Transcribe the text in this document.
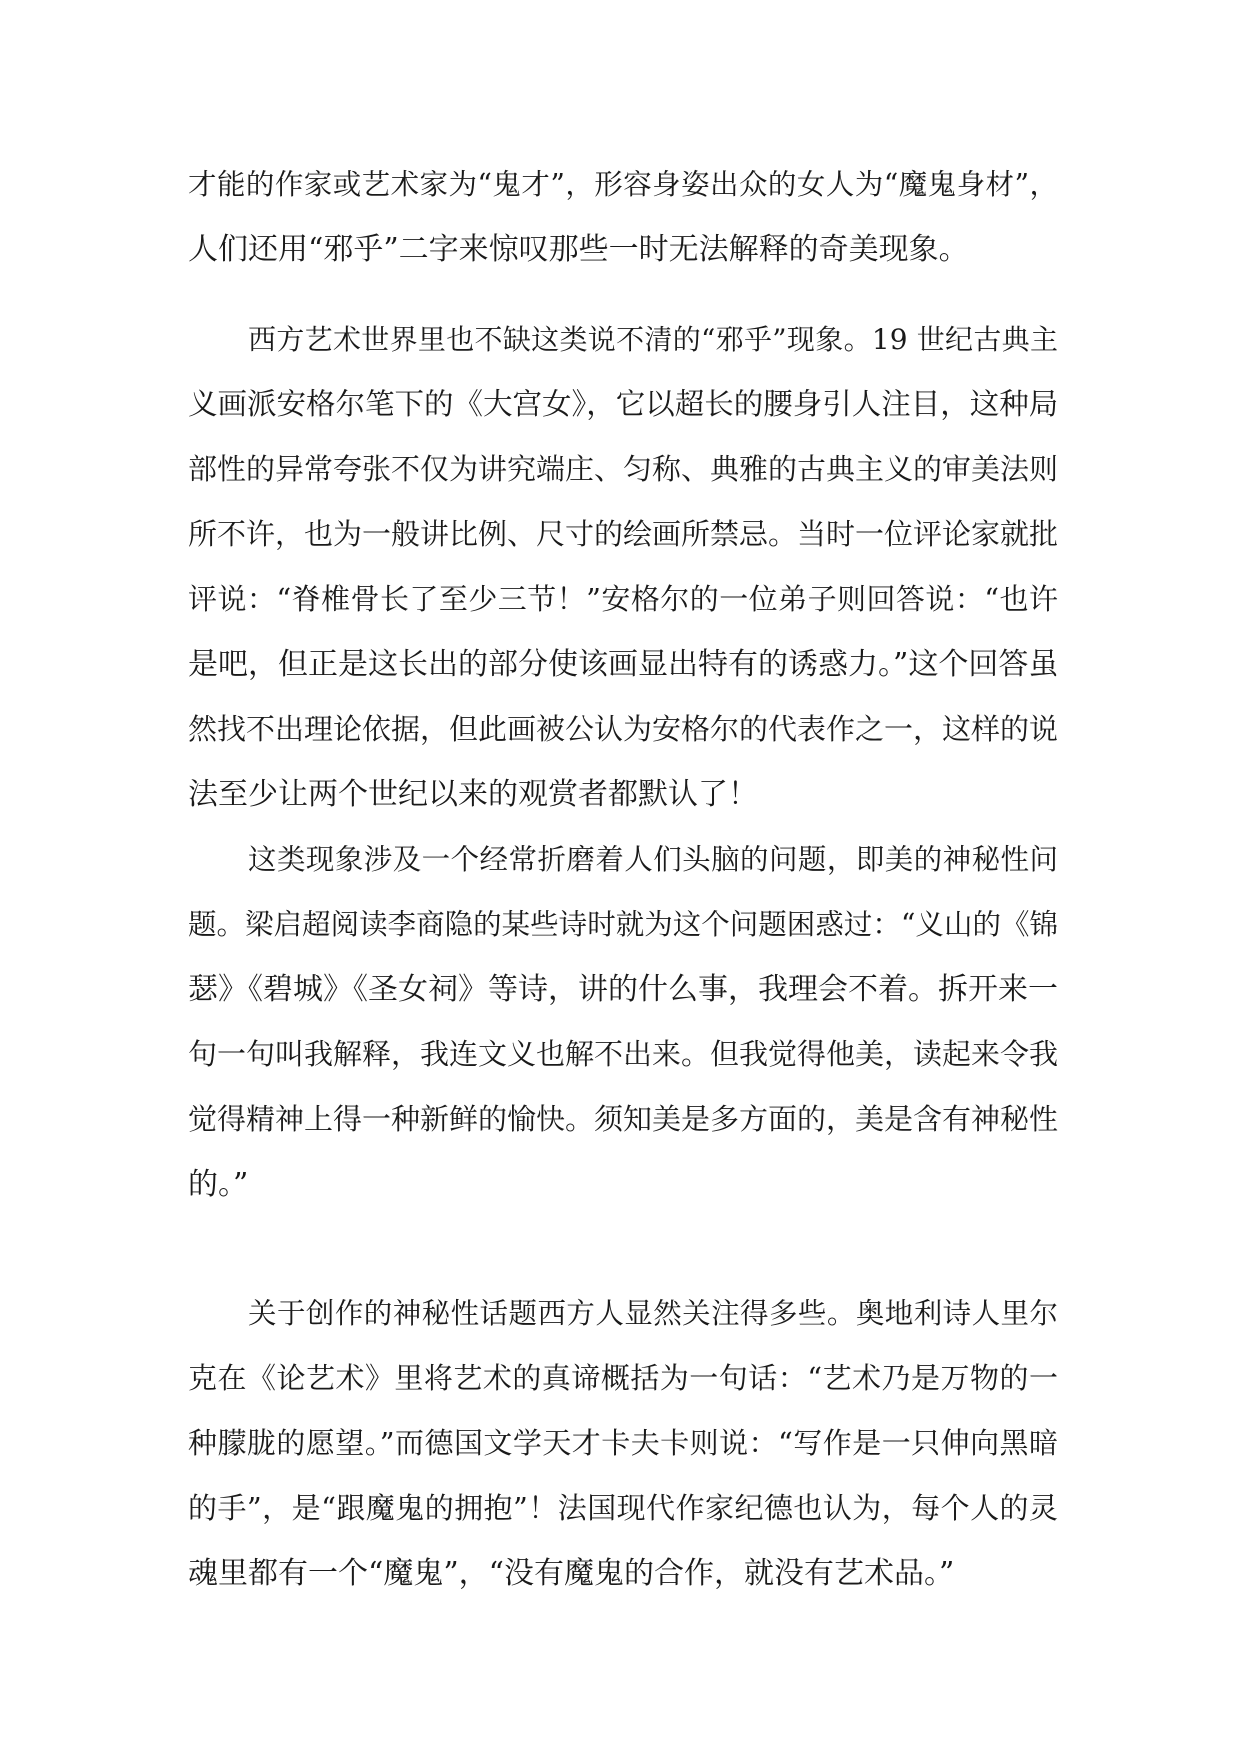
才能的作家或艺术家为“鬼才”，形容身姿出众的女人为“魔鬼身材”，
人们还用“邪乎”二字来惊叹那些一时无法解释的奇美现象。
西方艺术世界里也不缺这类说不清的“邪乎”现象。19 世纪古典主
义画派安格尔笔下的《大宫女》，它以超长的腰身引人注目，这种局
部性的异常夸张不仅为讲究端庄、匀称、典雅的古典主义的审美法则
所不许，也为一般讲比例、尺寸的绘画所禁忌。当时一位评论家就批
评说：“脊椎骨长了至少三节！”安格尔的一位弟子则回答说：“也许
是吧，但正是这长出的部分使该画显出特有的诱惑力。”这个回答虽
然找不出理论依据，但此画被公认为安格尔的代表作之一，这样的说
法至少让两个世纪以来的观赏者都默认了！
这类现象涉及一个经常折磨着人们头脑的问题，即美的神秘性问
题。梁启超阅读李商隐的某些诗时就为这个问题困惑过：“义山的《锦
瑟》《碧城》《圣女祠》等诗，讲的什么事，我理会不着。拆开来一
句一句叫我解释，我连文义也解不出来。但我觉得他美，读起来令我
觉得精神上得一种新鲜的愉快。须知美是多方面的，美是含有神秘性
的。”
关于创作的神秘性话题西方人显然关注得多些。奥地利诗人里尔
克在《论艺术》里将艺术的真谛概括为一句话：“艺术乃是万物的一
种朦胧的愿望。”而德国文学天才卡夫卡则说：“写作是一只伸向黑暗
的手”，是“跟魔鬼的拥抱”！法国现代作家纪德也认为，每个人的灵
魂里都有一个“魔鬼”，“没有魔鬼的合作，就没有艺术品。”
